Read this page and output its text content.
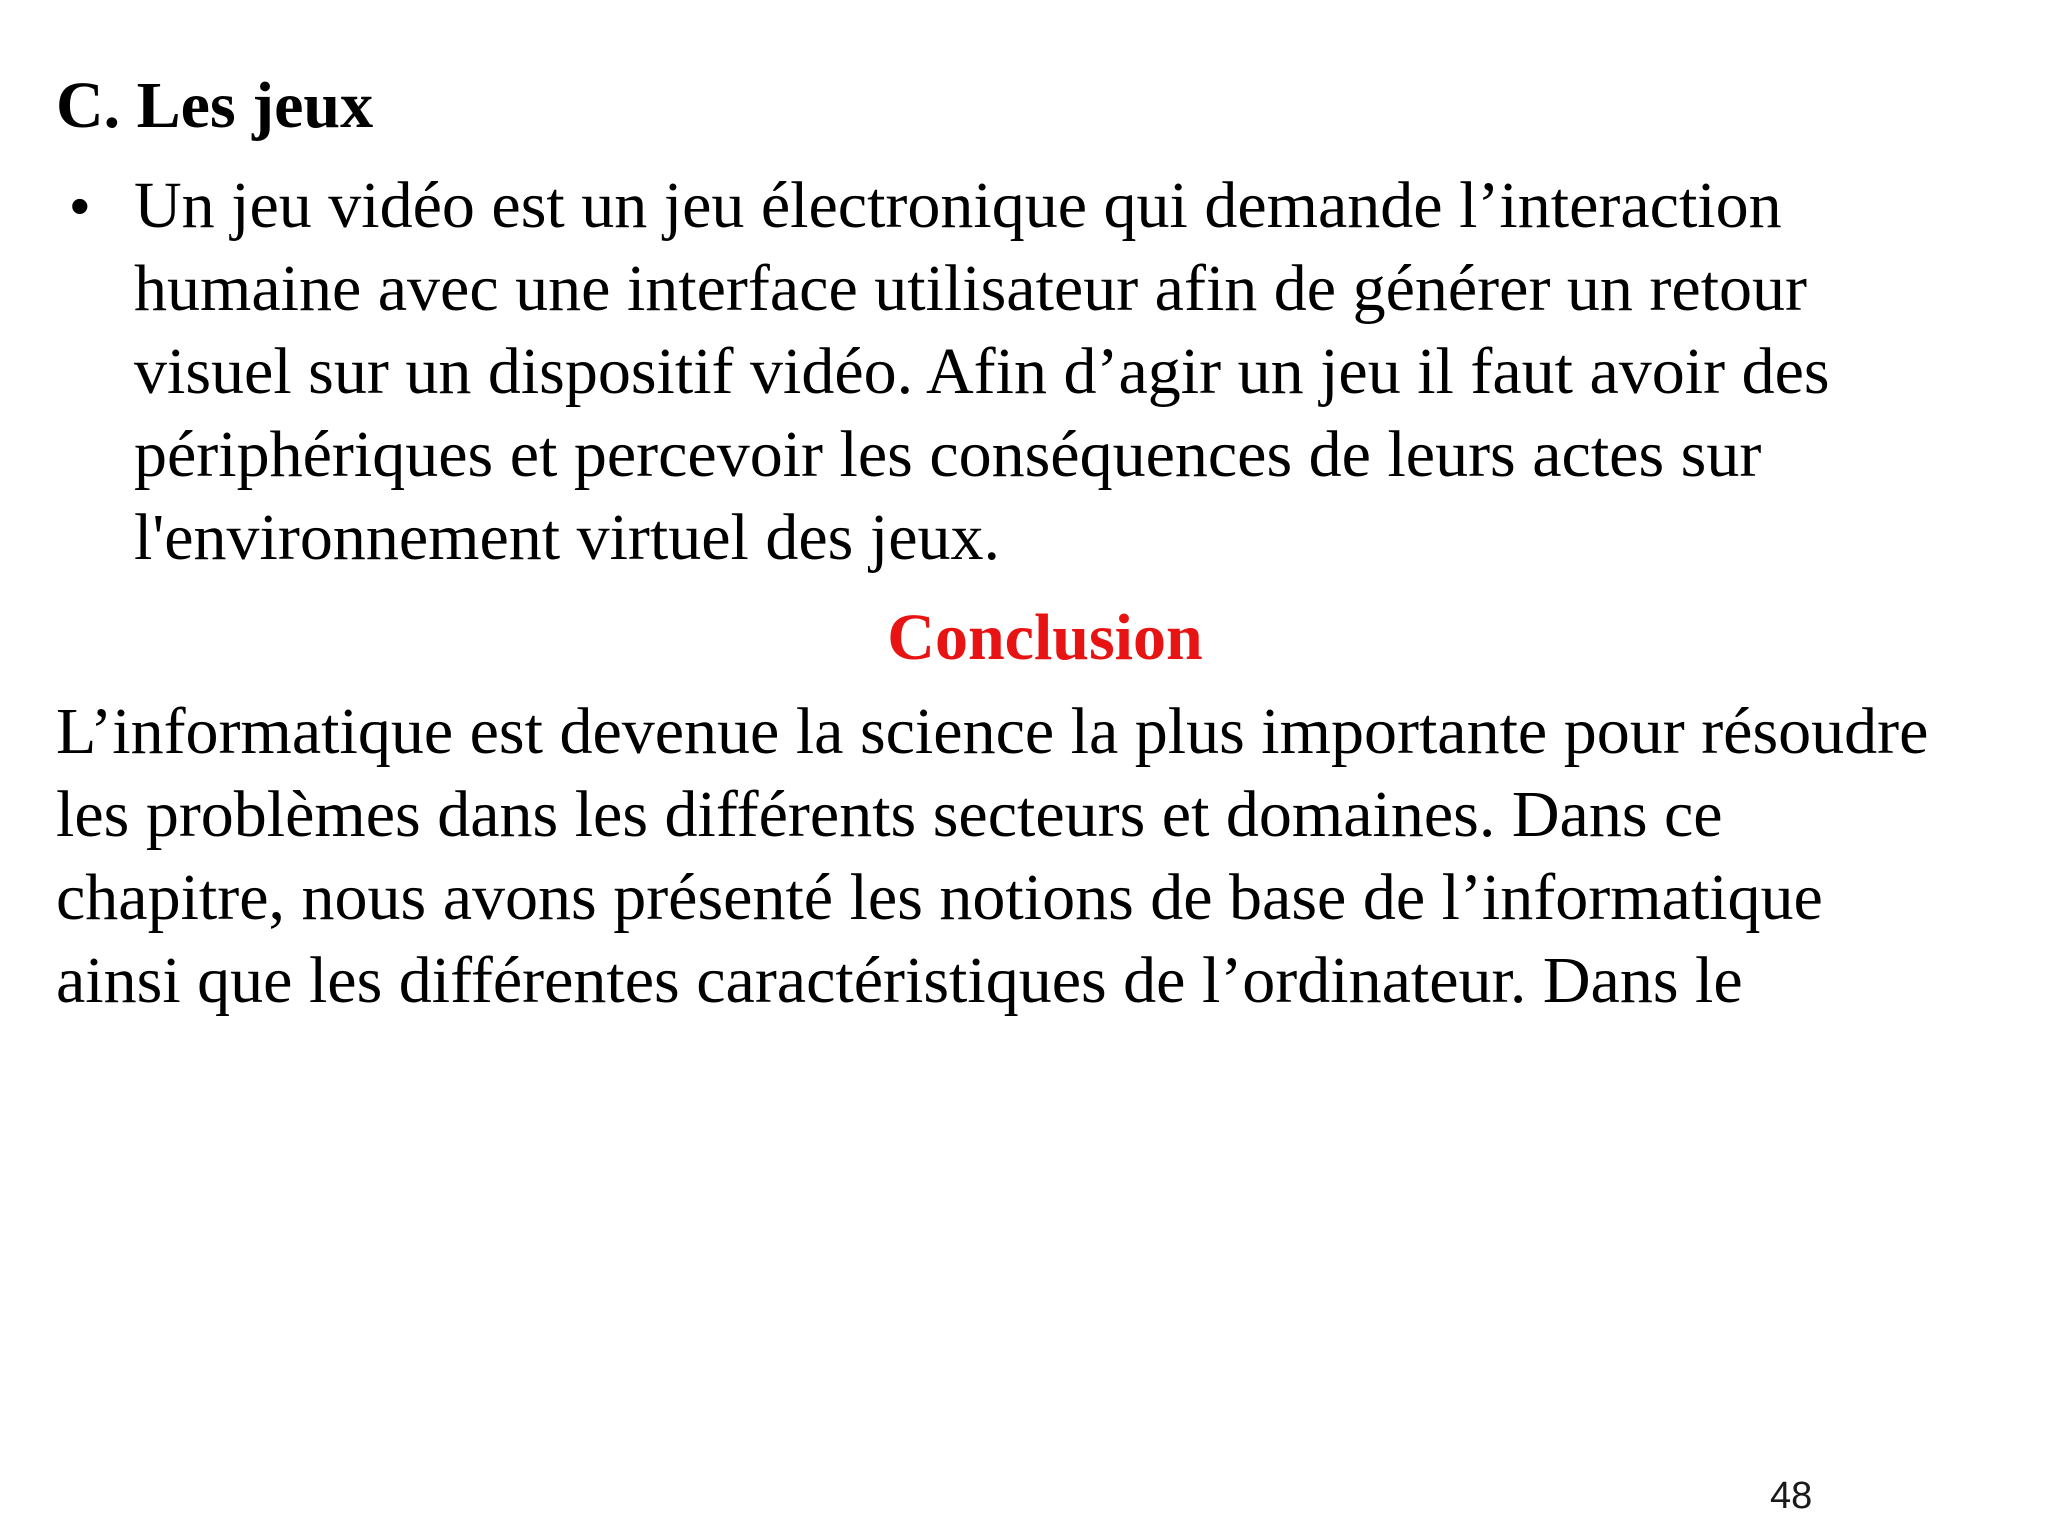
C. Les jeux
• Un jeu vidéo est un jeu électronique qui demande l’interaction
humaine avec une interface utilisateur afin de générer un retour
visuel sur un dispositif vidéo. Afin d’agir un jeu il faut avoir des
périphériques et percevoir les conséquences de leurs actes sur
l'environnement virtuel des jeux.
Conclusion
L’informatique est devenue la science la plus importante pour résoudre
les problèmes dans les différents secteurs et domaines. Dans ce
chapitre, nous avons présenté les notions de base de l’informatique
ainsi que les différentes caractéristiques de l’ordinateur. Dans le
48
